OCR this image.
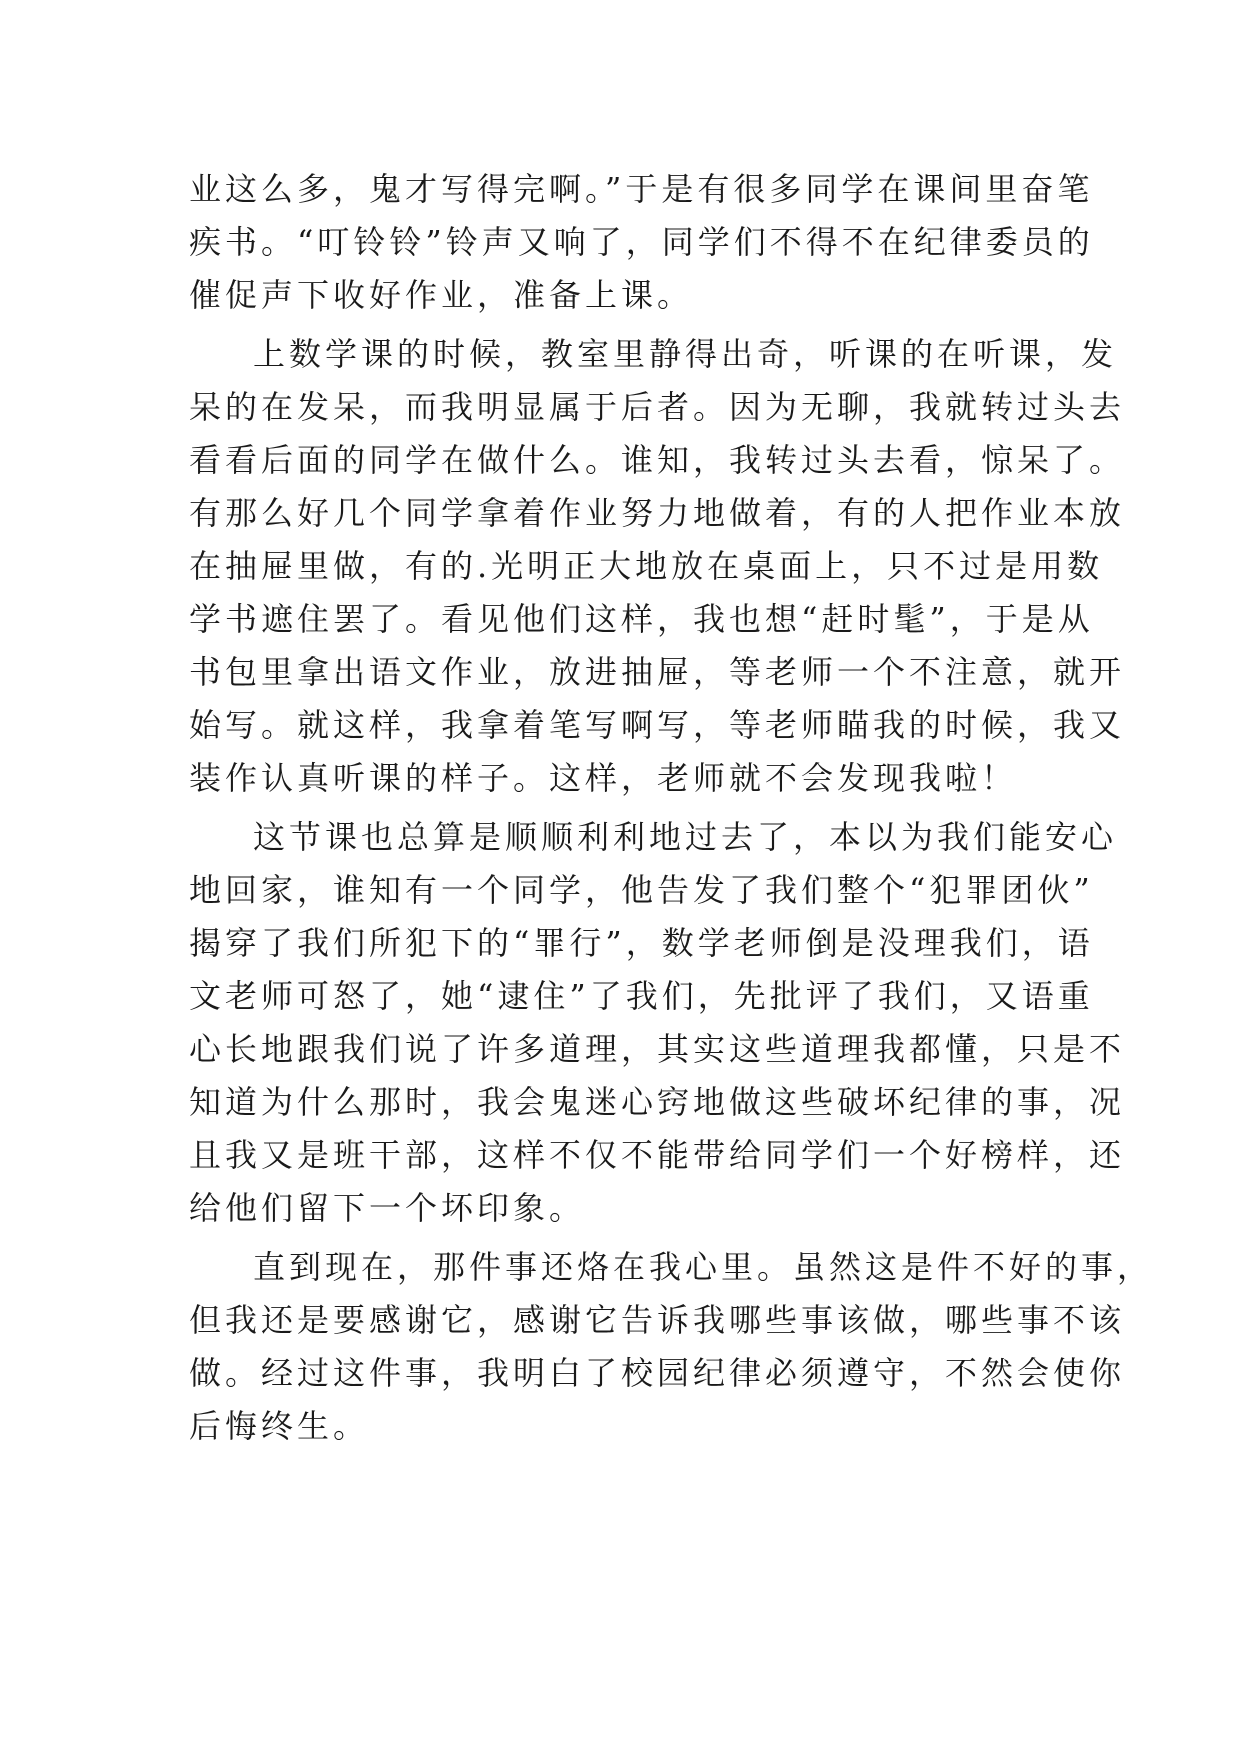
业这么多，鬼才写得完啊。”于是有很多同学在课间里奋笔
疾书。“叮铃铃”铃声又响了，同学们不得不在纪律委员的
催促声下收好作业，准备上课。
上数学课的时候，教室里静得出奇，听课的在听课，发
呆的在发呆，而我明显属于后者。因为无聊，我就转过头去
看看后面的同学在做什么。谁知，我转过头去看，惊呆了。
有那么好几个同学拿着作业努力地做着，有的人把作业本放
在抽屉里做，有的.光明正大地放在桌面上，只不过是用数
学书遮住罢了。看见他们这样，我也想“赶时髦”，于是从
书包里拿出语文作业，放进抽屉，等老师一个不注意，就开
始写。就这样，我拿着笔写啊写，等老师瞄我的时候，我又
装作认真听课的样子。这样，老师就不会发现我啦！
这节课也总算是顺顺利利地过去了，本以为我们能安心
地回家，谁知有一个同学，他告发了我们整个“犯罪团伙”
揭穿了我们所犯下的“罪行”，数学老师倒是没理我们，语
文老师可怒了，她“逮住”了我们，先批评了我们，又语重
心长地跟我们说了许多道理，其实这些道理我都懂，只是不
知道为什么那时，我会鬼迷心窍地做这些破坏纪律的事，况
且我又是班干部，这样不仅不能带给同学们一个好榜样，还
给他们留下一个坏印象。
直到现在，那件事还烙在我心里。虽然这是件不好的事，
但我还是要感谢它，感谢它告诉我哪些事该做，哪些事不该
做。经过这件事，我明白了校园纪律必须遵守，不然会使你
后悔终生。
